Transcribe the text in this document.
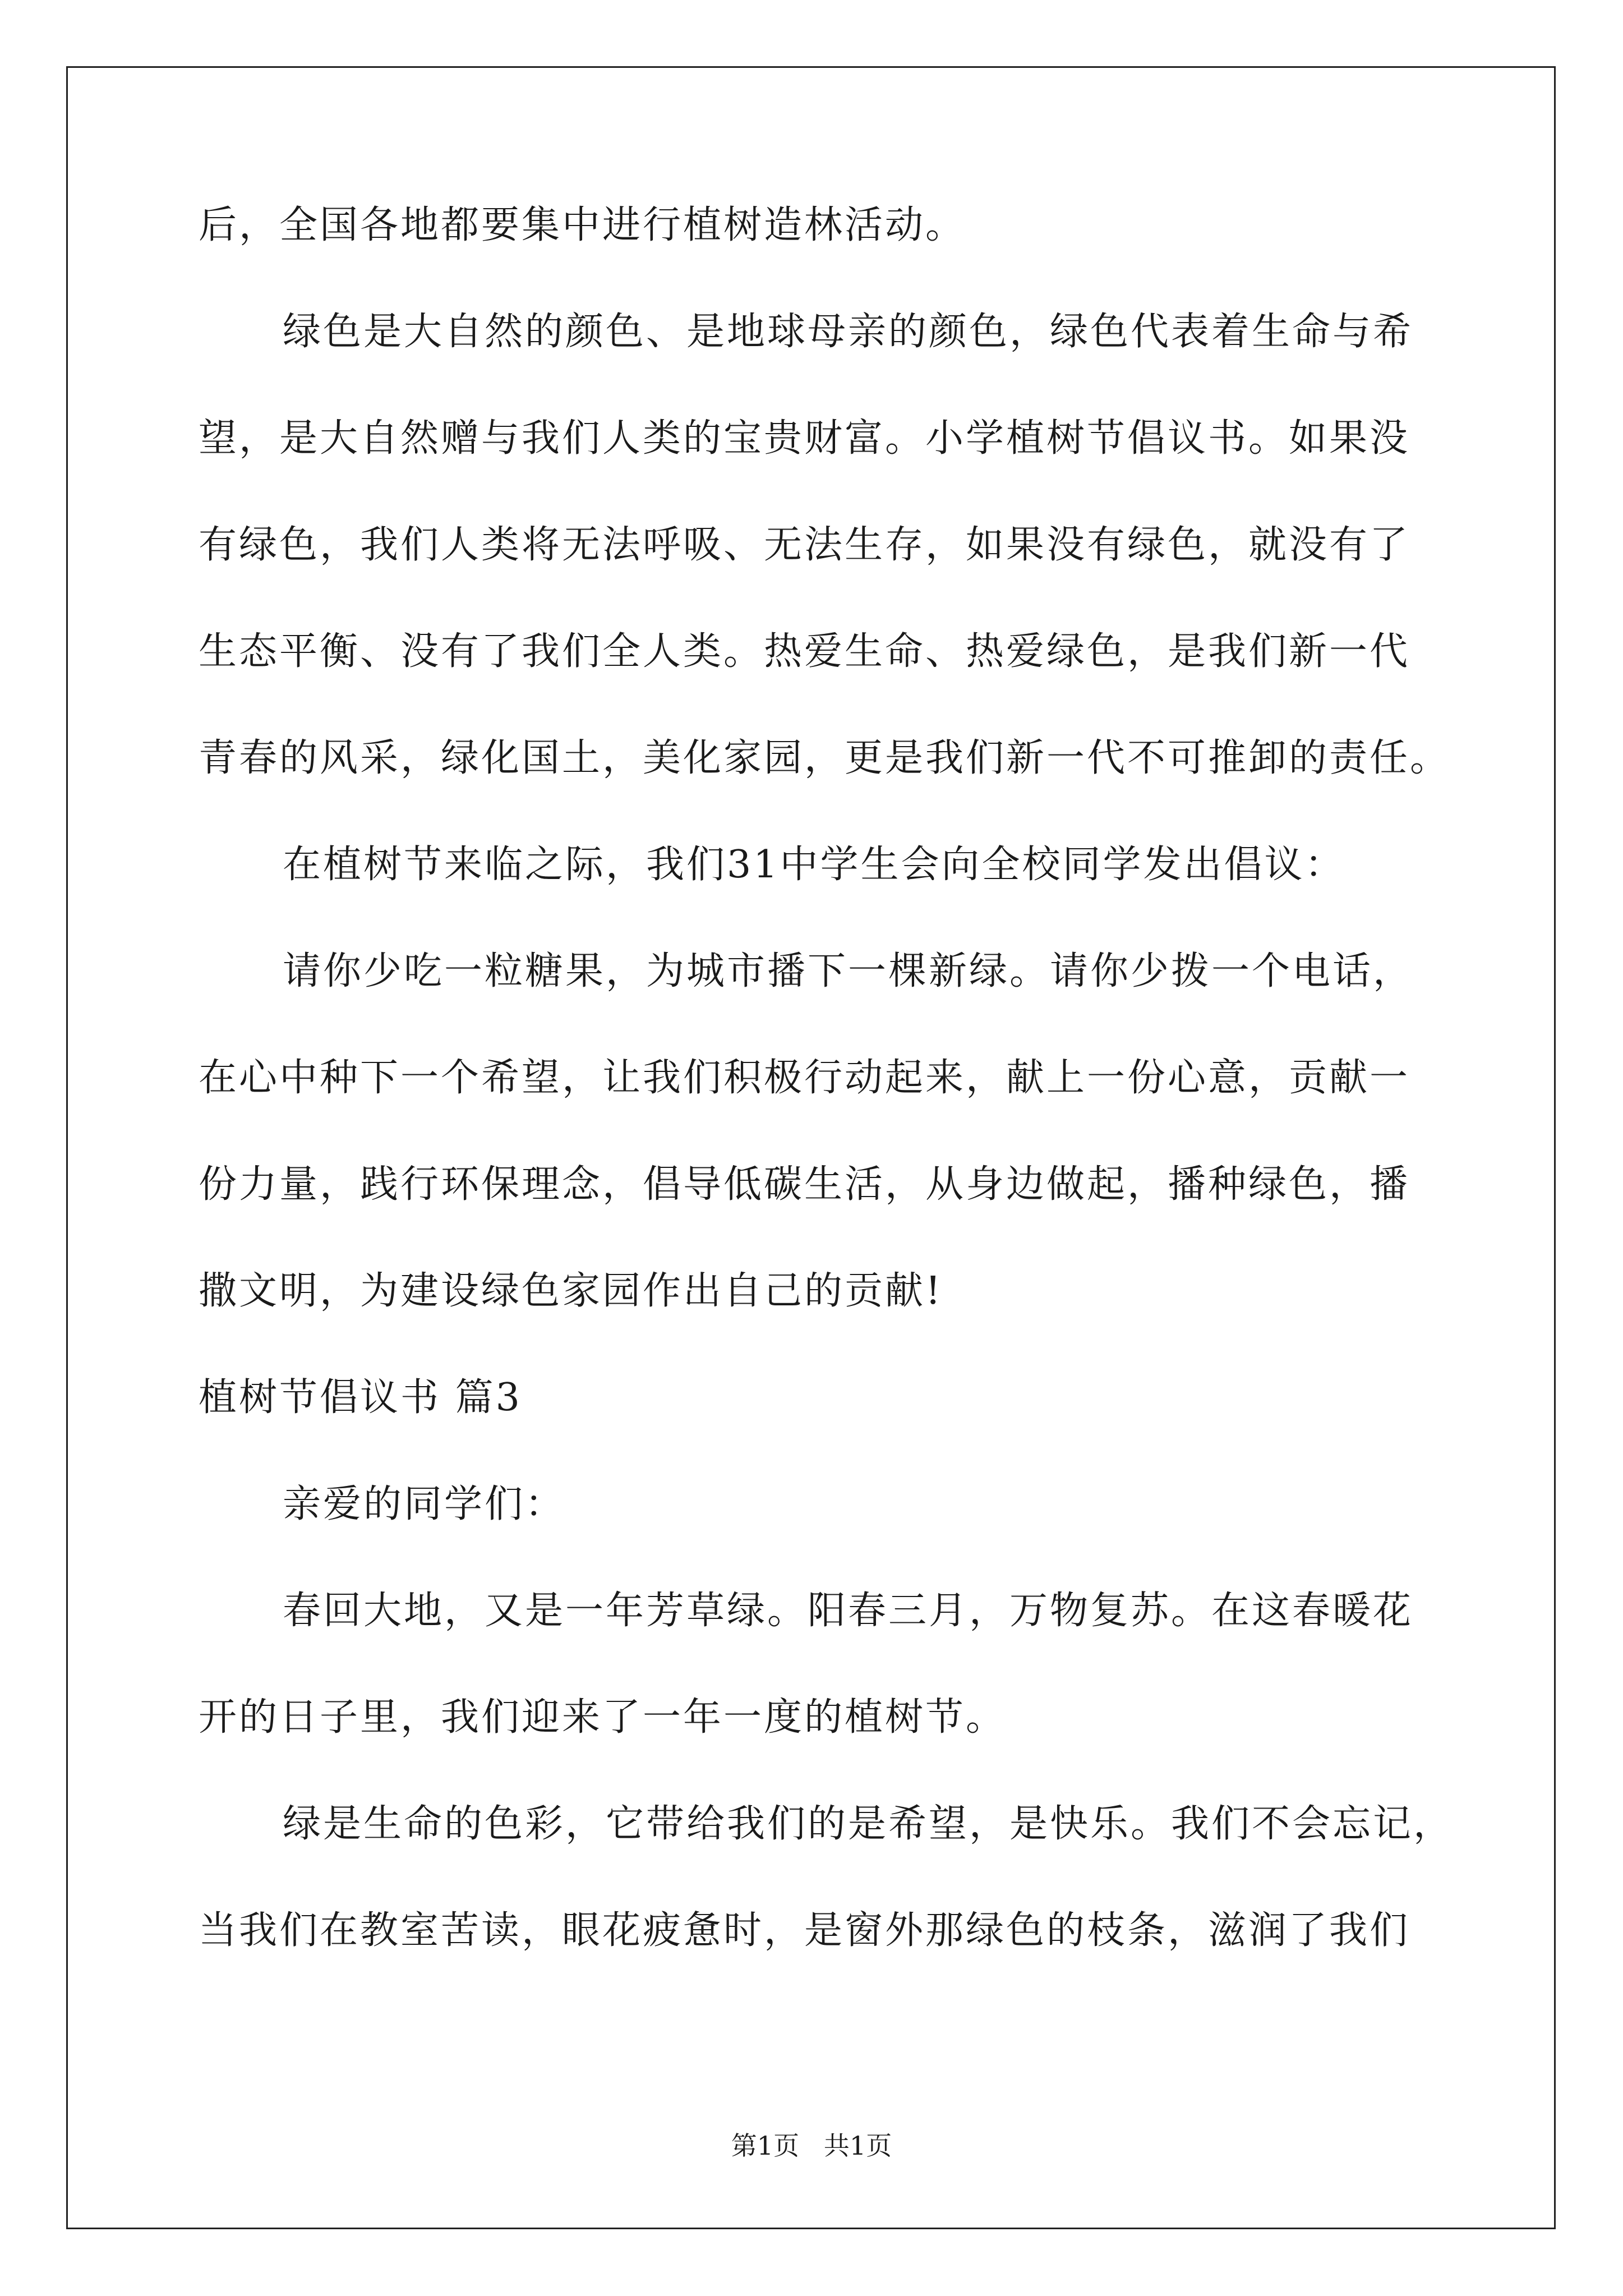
后，全国各地都要集中进行植树造林活动。
绿色是大自然的颜色、是地球母亲的颜色，绿色代表着生命与希
望，是大自然赠与我们人类的宝贵财富。小学植树节倡议书。如果没
有绿色，我们人类将无法呼吸、无法生存，如果没有绿色，就没有了
生态平衡、没有了我们全人类。热爱生命、热爱绿色，是我们新一代
青春的风采，绿化国土，美化家园，更是我们新一代不可推卸的责任。
在植树节来临之际，我们31中学生会向全校同学发出倡议：
请你少吃一粒糖果，为城市播下一棵新绿。请你少拨一个电话，
在心中种下一个希望，让我们积极行动起来，献上一份心意，贡献一
份力量，践行环保理念，倡导低碳生活，从身边做起，播种绿色，播
撒文明，为建设绿色家园作出自己的贡献!
植树节倡议书 篇3
亲爱的同学们：
春回大地，又是一年芳草绿。阳春三月，万物复苏。在这春暖花
开的日子里，我们迎来了一年一度的植树节。
绿是生命的色彩，它带给我们的是希望，是快乐。我们不会忘记，
当我们在教室苦读，眼花疲惫时，是窗外那绿色的枝条，滋润了我们
第1页   共1页
